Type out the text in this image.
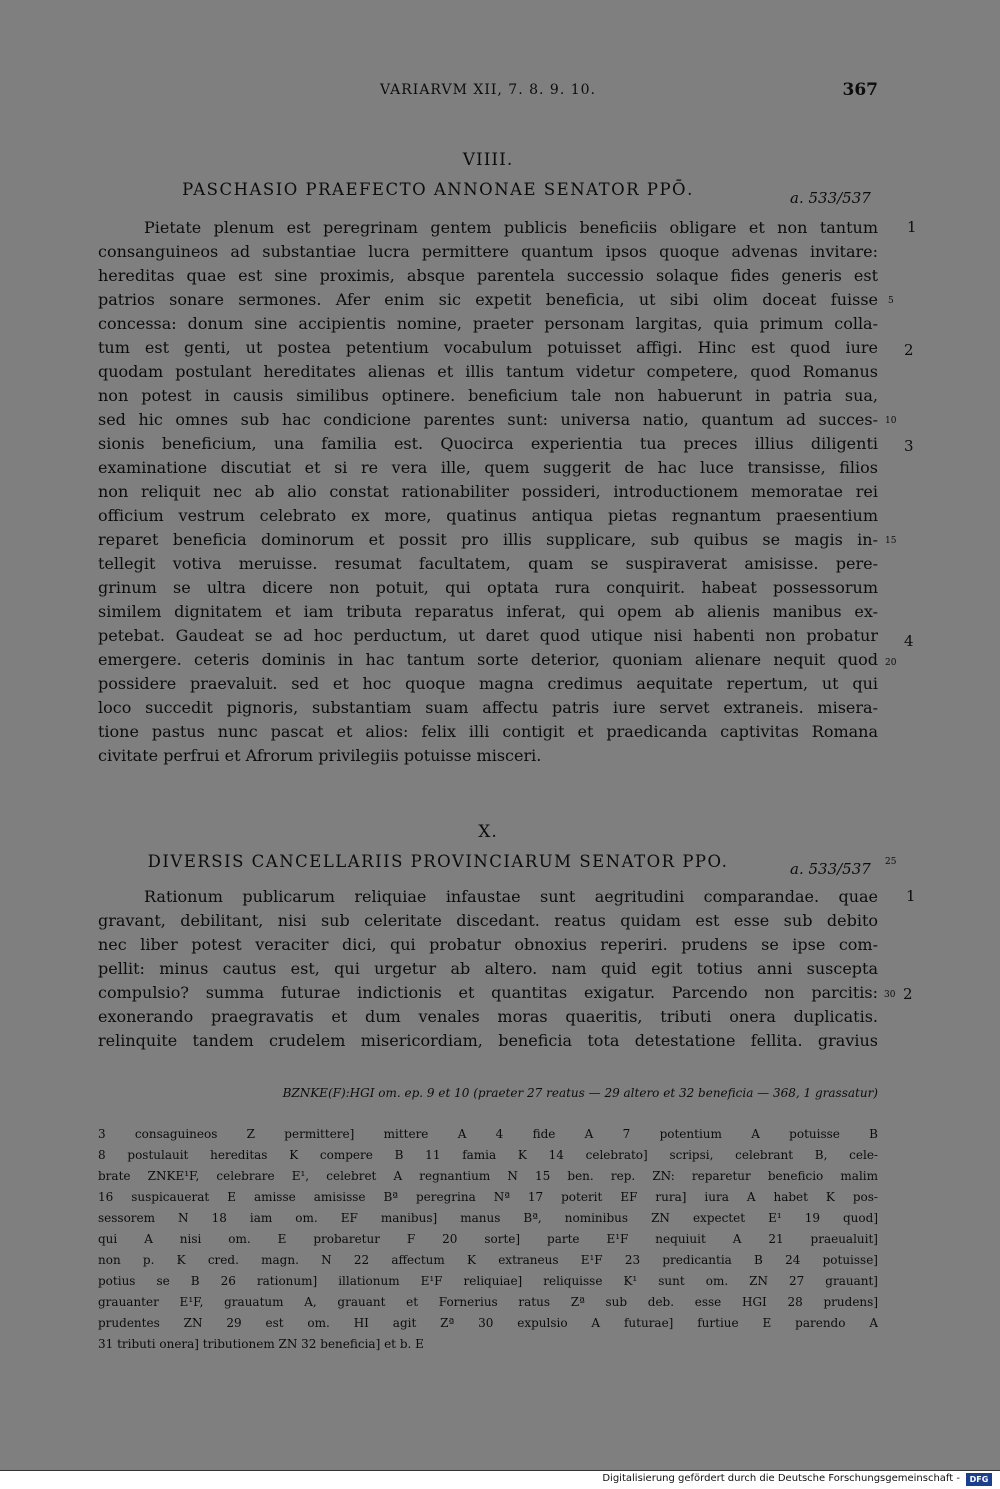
VARIARVM XII, 7. 8. 9. 10.	367
VIIII.
PASCHASIO PRAEFECTO ANNONAE SENATOR PPŌ.	a. 533/537
Pietate plenum est peregrinam gentem publicis beneficiis obligare et non tantum
consanguineos ad substantiae lucra permittere quantum ipsos quoque advenas invitare:
hereditas quae est sine proximis, absque parentela successio solaque fides generis est
patrios sonare sermones. Afer enim sic expetit beneficia, ut sibi olim doceat fuisse
concessa: donum sine accipientis nomine, praeter personam largitas, quia primum colla-
tum est genti, ut postea petentium vocabulum potuisset affigi. Hinc est quod iure
quodam postulant hereditates alienas et illis tantum videtur competere, quod Romanus
non potest in causis similibus optinere. beneficium tale non habuerunt in patria sua,
sed hic omnes sub hac condicione parentes sunt: universa natio, quantum ad succes-
sionis beneficium, una familia est. Quocirca experientia tua preces illius diligenti
examinatione discutiat et si re vera ille, quem suggerit de hac luce transisse, filios
non reliquit nec ab alio constat rationabiliter possideri, introductionem memoratae rei
officium vestrum celebrato ex more, quatinus antiqua pietas regnantum praesentium
reparet beneficia dominorum et possit pro illis supplicare, sub quibus se magis in-
tellegit votiva meruisse. resumat facultatem, quam se suspiraverat amisisse. pere-
grinum se ultra dicere non potuit, qui optata rura conquirit. habeat possessorum
similem dignitatem et iam tributa reparatus inferat, qui opem ab alienis manibus ex-
petebat. Gaudeat se ad hoc perductum, ut daret quod utique nisi habenti non probatur
emergere. ceteris dominis in hac tantum sorte deterior, quoniam alienare nequit quod
possidere praevaluit. sed et hoc quoque magna credimus aequitate repertum, ut qui
loco succedit pignoris, substantiam suam affectu patris iure servet extraneis. misera-
tione pastus nunc pascat et alios: felix illi contigit et praedicanda captivitas Romana
civitate perfrui et Afrorum privilegiis potuisse misceri.
1
5
2
10
3
15
4
20
X.
DIVERSIS CANCELLARIIS PROVINCIARUM SENATOR PPO.	a. 533/537 25
Rationum publicarum reliquiae infaustae sunt aegritudini comparandae. quae
gravant, debilitant, nisi sub celeritate discedant. reatus quidam est esse sub debito
nec liber potest veraciter dici, qui probatur obnoxius reperiri. prudens se ipse com-
pellit: minus cautus est, qui urgetur ab altero. nam quid egit totius anni suscepta
compulsio? summa futurae indictionis et quantitas exigatur. Parcendo non parcitis:
exonerando praegravatis et dum venales moras quaeritis, tributi onera duplicatis.
relinquite tandem crudelem misericordiam, beneficia tota detestatione fellita. gravius
1
30 2
BZNKE(F):HGI om. ep. 9 et 10 (praeter 27 reatus — 29 altero et 32 beneficia — 368, 1 grassatur)
3 consaguineos Z permittere] mittere A 4 fide A 7 potentium A potuisse B
8 postulauit hereditas K compere B 11 famia K 14 celebrato] scripsi, celebrant B, cele-
brate ZNKE¹F, celebrare E¹, celebret A regnantium N 15 ben. rep. ZN: reparetur beneficio malim
16 suspicauerat E amisse amisisse Bª peregrina Nª 17 poterit EF rura] iura A habet K pos-
sessorem N 18 iam om. EF manibus] manus Bª, nominibus ZN expectet E¹ 19 quod]
qui A nisi om. E probaretur F 20 sorte] parte E¹F nequiuit A 21 praeualuit]
non p. K cred. magn. N 22 affectum K extraneus E¹F 23 predicantia B 24 potuisse]
potius se B 26 rationum] illationum E¹F reliquiae] reliquisse K¹ sunt om. ZN 27 grauant]
grauanter E¹F, grauatum A, grauant et Fornerius ratus Zª sub deb. esse HGI 28 prudens]
prudentes ZN 29 est om. HI agit Zª 30 expulsio A futurae] furtiue E parendo A
31 tributi onera] tributionem ZN 32 beneficia] et b. E
Digitalisierung gefördert durch die Deutsche Forschungsgemeinschaft -	DFG
